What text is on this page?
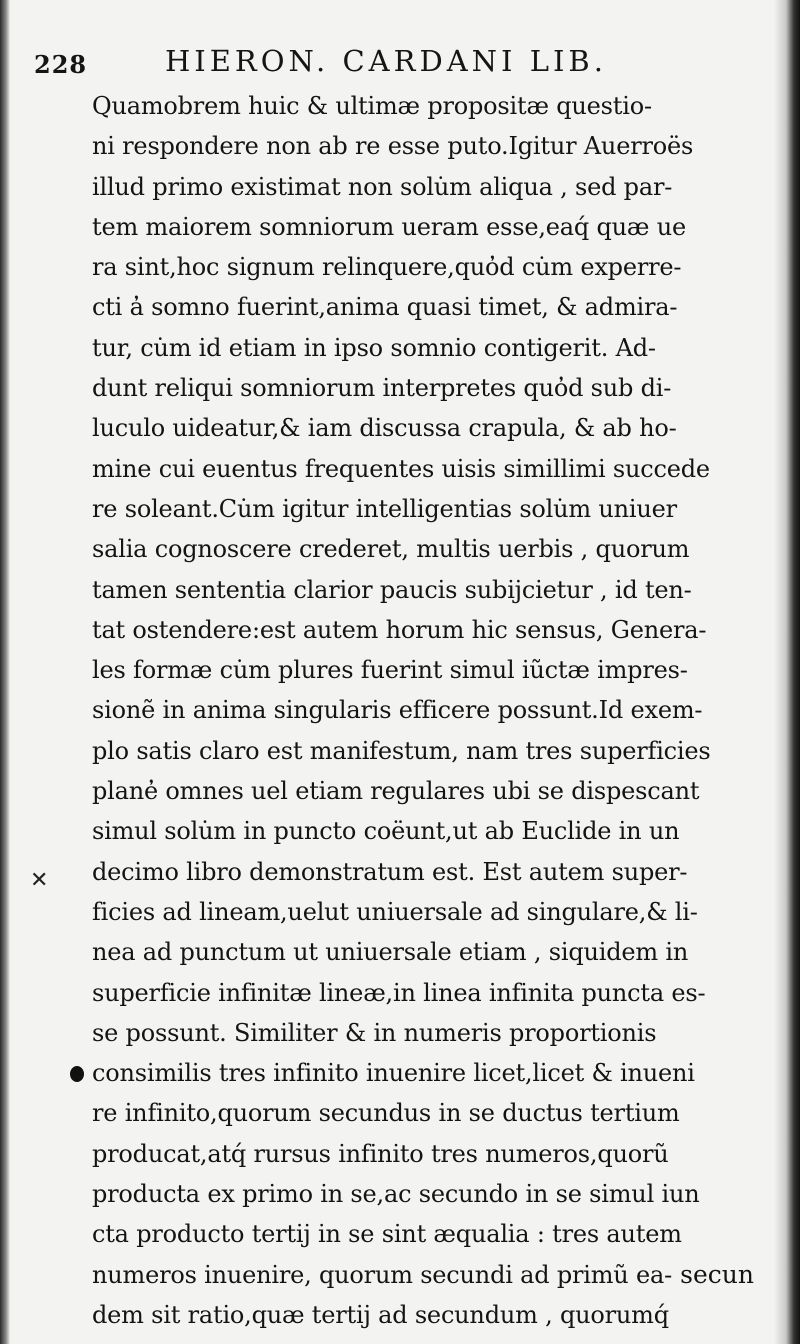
228	HIERON. CARDANI LIB.
✕
Quamobrem huic & ultimæ propositæ questio-
ni respondere non ab re esse puto.Igitur Auerroës
illud primo existimat non solu̇m aliqua , sed par-
tem maiorem somniorum ueram esse,eaq́ quæ ue
ra sint,hoc signum relinquere,quo̓d cu̇m experre-
cti a̓ somno fuerint,anima quasi timet, & admira-
tur, cu̇m id etiam in ipso somnio contigerit. Ad-
dunt reliqui somniorum interpretes quo̓d sub di-
luculo uideatur,& iam discussa crapula, & ab ho-
mine cui euentus frequentes uisis simillimi succede
re soleant.Cu̇m igitur intelligentias solu̇m uniuer
salia cognoscere crederet, multis uerbis , quorum
tamen sententia clarior paucis subijcietur , id ten-
tat ostendere:est autem horum hic sensus, Genera-
les formæ cu̇m plures fuerint simul iũctæ impres-
sionẽ in anima singularis efficere possunt.Id exem-
plo satis claro est manifestum, nam tres superficies
plane̓ omnes uel etiam regulares ubi se dispescant
simul solu̇m in puncto coëunt,ut ab Euclide in un
decimo libro demonstratum est. Est autem super-
ficies ad lineam,uelut uniuersale ad singulare,& li-
nea ad punctum ut uniuersale etiam , siquidem in
superficie infinitæ lineæ,in linea infinita puncta es-
se possunt. Similiter & in numeris proportionis
consimilis tres infinito inuenire licet,licet & inueni
re infinito,quorum secundus in se ductus tertium
producat,atq́ rursus infinito tres numeros,quorũ
producta ex primo in se,ac secundo in se simul iun
cta producto tertij in se sint æqualia : tres autem
numeros inuenire, quorum secundi ad primũ ea-
dem sit ratio,quæ tertij ad secundum , quorumq́
secun
